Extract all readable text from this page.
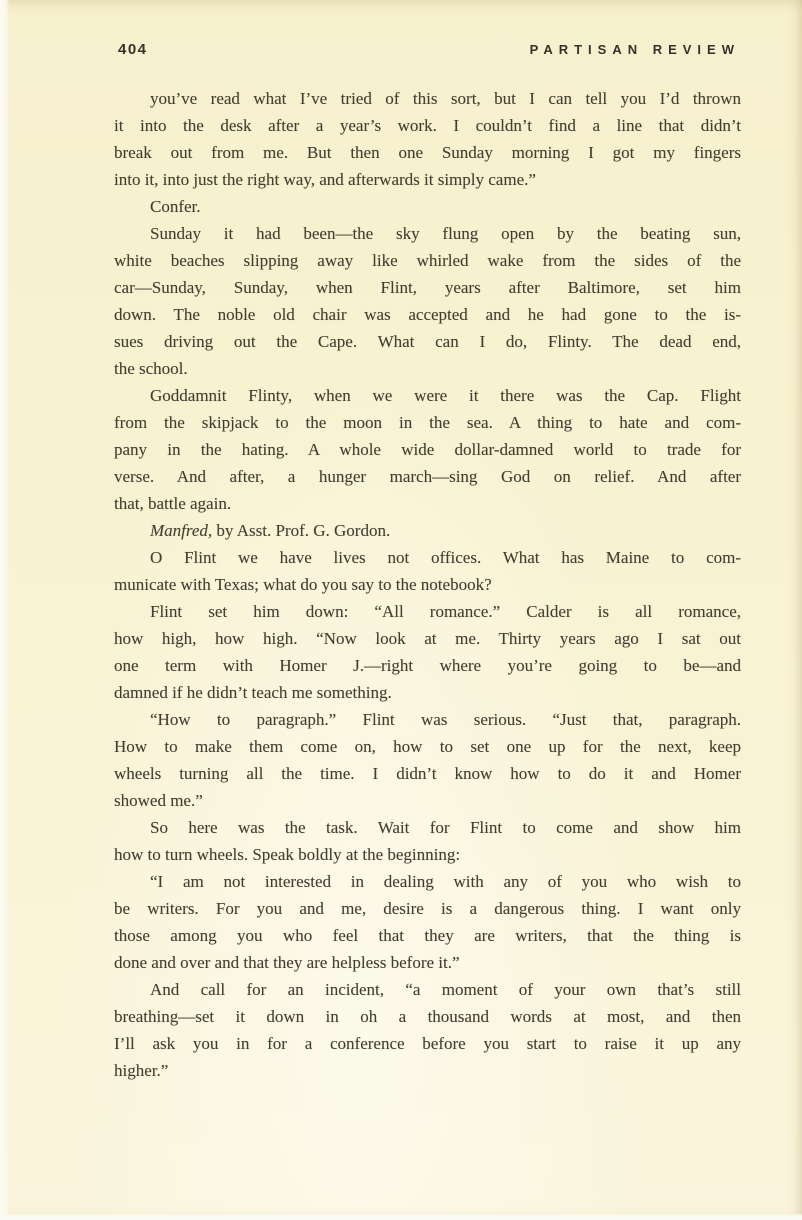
404	PARTISAN REVIEW
you’ve read what I’ve tried of this sort, but I can tell you I’d thrown
it into the desk after a year’s work. I couldn’t find a line that didn’t
break out from me. But then one Sunday morning I got my fingers
into it, into just the right way, and afterwards it simply came.”
Confer.
Sunday it had been—the sky flung open by the beating sun,
white beaches slipping away like whirled wake from the sides of the
car—Sunday, Sunday, when Flint, years after Baltimore, set him
down. The noble old chair was accepted and he had gone to the is-
sues driving out the Cape. What can I do, Flinty. The dead end,
the school.
Goddamnit Flinty, when we were it there was the Cap. Flight
from the skipjack to the moon in the sea. A thing to hate and com-
pany in the hating. A whole wide dollar-damned world to trade for
verse. And after, a hunger march—sing God on relief. And after
that, battle again.
Manfred, by Asst. Prof. G. Gordon.
O Flint we have lives not offices. What has Maine to com-
municate with Texas; what do you say to the notebook?
Flint set him down: “All romance.” Calder is all romance,
how high, how high. “Now look at me. Thirty years ago I sat out
one term with Homer J.—right where you’re going to be—and
damned if he didn’t teach me something.
“How to paragraph.” Flint was serious. “Just that, paragraph.
How to make them come on, how to set one up for the next, keep
wheels turning all the time. I didn’t know how to do it and Homer
showed me.”
So here was the task. Wait for Flint to come and show him
how to turn wheels. Speak boldly at the beginning:
“I am not interested in dealing with any of you who wish to
be writers. For you and me, desire is a dangerous thing. I want only
those among you who feel that they are writers, that the thing is
done and over and that they are helpless before it.”
And call for an incident, “a moment of your own that’s still
breathing—set it down in oh a thousand words at most, and then
I’ll ask you in for a conference before you start to raise it up any
higher.”
